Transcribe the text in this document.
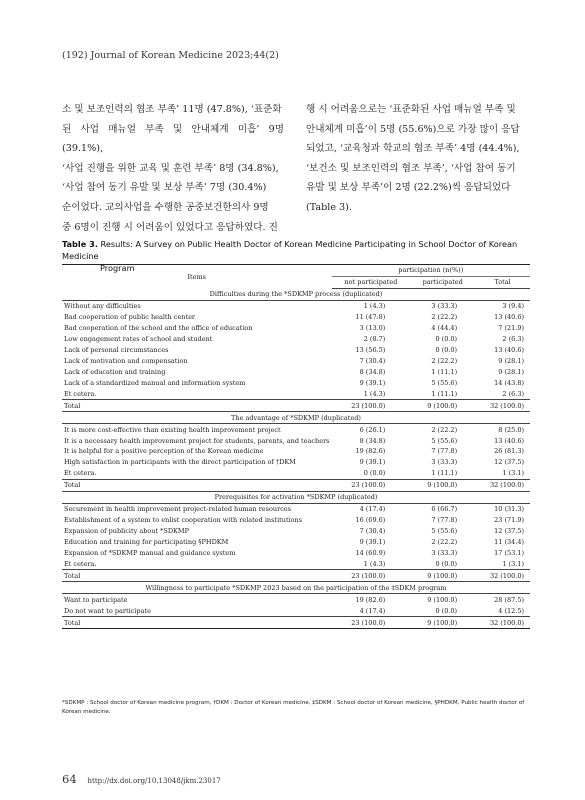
(192) Journal of Korean Medicine 2023;44(2)
소 및 보조인력의 협조 부족’ 11명 (47.8%), ‘표준화
된 사업 매뉴얼 부족 및 안내체계 미흡’ 9명 (39.1%),
‘사업 진행을 위한 교육 및 훈련 부족’ 8명 (34.8%),
‘사업 참여 동기 유발 및 보상 부족’ 7명 (30.4%)
순이었다. 교의사업을 수행한 공중보건한의사 9명
중 6명이 진행 시 어려움이 있었다고 응답하였다. 진
행 시 어려움으로는 ‘표준화된 사업 매뉴얼 부족 및
안내체계 미흡’이 5명 (55.6%)으로 가장 많이 응답
되었고, ‘교육청과 학교의 협조 부족’ 4명 (44.4%),
‘보건소 및 보조인력의 협조 부족’, ‘사업 참여 동기
유발 및 보상 부족’이 2명 (22.2%)씩 응답되었다
(Table 3).
Table 3. Results: A Survey on Public Health Doctor of Korean Medicine Participating in School Doctor of Korean Medicine
Program
Items	participation (n(%))		
	not participated	participated	Total
Difficulties during the *SDKMP process (duplicated)			
Without any difficulties	1 (4.3)	3 (33.3)	3 (9.4)
Bad cooperation of public health center	11 (47.8)	2 (22.2)	13 (40.6)
Bad cooperation of the school and the office of education	3 (13.0)	4 (44.4)	7 (21.9)
Low engagement rates of school and student	2 (8.7)	0 (0.0)	2 (6.3)
Lack of personal circumstances	13 (56.5)	0 (0.0)	13 (40.6)
Lack of motivation and compensation	7 (30.4)	2 (22.2)	9 (28.1)
Lack of education and training	8 (34.8)	1 (11.1)	9 (28.1)
Lack of a standardized manual and information system	9 (39.1)	5 (55.6)	14 (43.8)
Et cetera.	1 (4.3)	1 (11.1)	2 (6.3)
Total	23 (100.0)	9 (100.0)	32 (100.0)
The advantage of *SDKMP (duplicated)			
It is more cost-effective than existing health improvement project	6 (26.1)	2 (22.2)	8 (25.0)
It is a necessary health improvement project for students, parents, and teachers	8 (34.8)	5 (55.6)	13 (40.6)
It is helpful for a positive perception of the Korean medicine	19 (82.6)	7 (77.8)	26 (81.3)
High satisfaction in participants with the direct participation of †DKM	9 (39.1)	3 (33.3)	12 (37.5)
Et cetera.	0 (0.0)	1 (11.1)	1 (3.1)
Total	23 (100.0)	9 (100.0)	32 (100.0)
Prerequisites for activation *SDKMP (duplicated)			
Securement in health improvement project-related human resources	4 (17.4)	6 (66.7)	10 (31.3)
Establishment of a system to enlist cooperation with related institutions	16 (69.6)	7 (77.8)	23 (71.9)
Expansion of publicity about *SDKMP	7 (30.4)	5 (55.6)	12 (37.5)
Education and training for participating §PHDKM	9 (39.1)	2 (22.2)	11 (34.4)
Expansion of *SDKMP manual and guidance system	14 (60.9)	3 (33.3)	17 (53.1)
Et cetera.	1 (4.3)	0 (0.0)	1 (3.1)
Total	23 (100.0)	9 (100.0)	32 (100.0)
Willingness to participate *SDKMP 2023 based on the participation of the ‡SDKM program			
Want to participate	19 (82.6)	9 (100.0)	28 (87.5)
Do not want to participate	4 (17.4)	0 (0.0)	4 (12.5)
Total	23 (100.0)	9 (100.0)	32 (100.0)
*SDKMP : School doctor of Korean medicine program, †DKM : Doctor of Korean medicine, ‡SDKM : School doctor of Korean medicine, §PHDKM, Public health doctor of Korean medicine.
64 http://dx.doi.org/10.13048/jkm.23017
